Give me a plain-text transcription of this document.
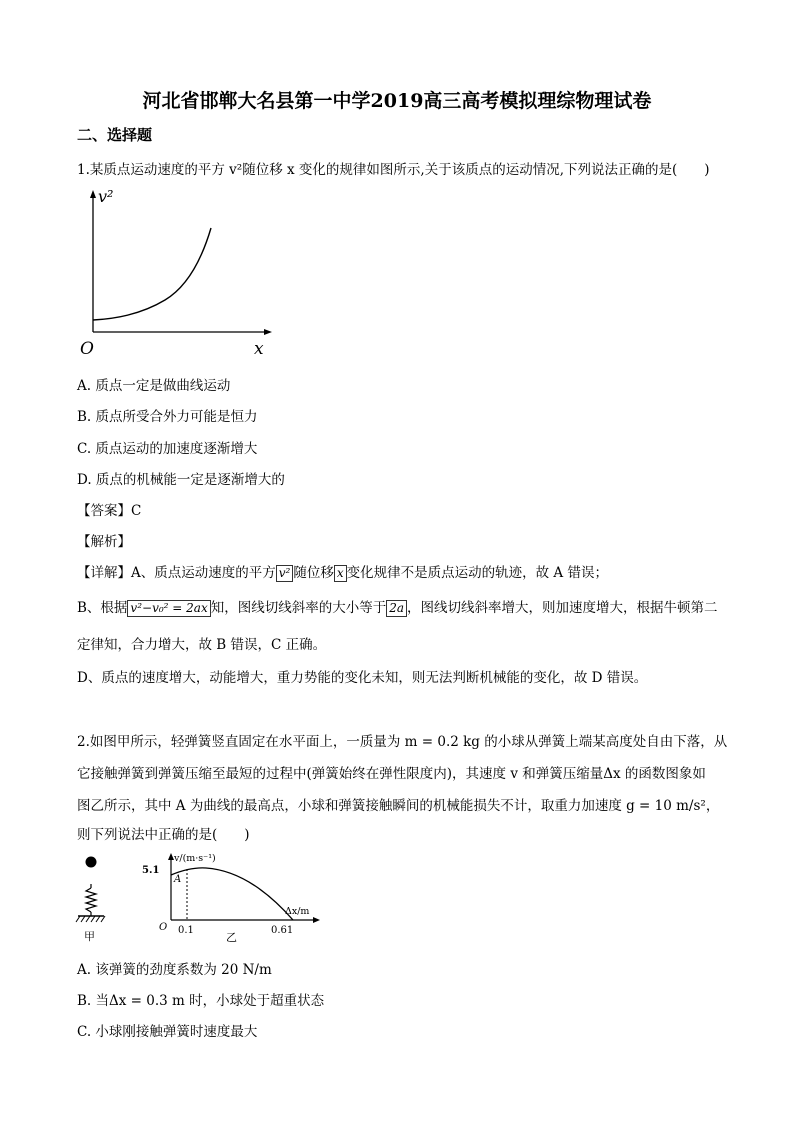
河北省邯郸大名县第一中学2019高三高考模拟理综物理试卷
二、选择题
1.某质点运动速度的平方 v²随位移 x 变化的规律如图所示,关于该质点的运动情况,下列说法正确的是(　　)
v²
O	x
A. 质点一定是做曲线运动
B. 质点所受合外力可能是恒力
C. 质点运动的加速度逐渐增大
D. 质点的机械能一定是逐渐增大的
【答案】C
【解析】
【详解】A、质点运动速度的平方 v² 随位移 x 变化规律不是质点运动的轨迹，故 A 错误；
B、根据 v²−v₀² = 2ax 知，图线切线斜率的大小等于 2a ，图线切线斜率增大，则加速度增大，根据牛顿第二
定律知，合力增大，故 B 错误，C 正确。
D、质点的速度增大，动能增大，重力势能的变化未知，则无法判断机械能的变化，故 D 错误。
2.如图甲所示，轻弹簧竖直固定在水平面上，一质量为 m = 0.2 kg 的小球从弹簧上端某高度处自由下落，从
它接触弹簧到弹簧压缩至最短的过程中(弹簧始终在弹性限度内)，其速度 v 和弹簧压缩量Δx 的函数图象如
图乙所示，其中 A 为曲线的最高点，小球和弹簧接触瞬间的机械能损失不计，取重力加速度 g = 10 m/s²，
则下列说法中正确的是(　　)
甲
v/(m·s⁻¹)
5.1
A
Δx/m
O 0.1	0.61
乙
A. 该弹簧的劲度系数为 20 N/m
B. 当Δx = 0.3 m 时，小球处于超重状态
C. 小球刚接触弹簧时速度最大
